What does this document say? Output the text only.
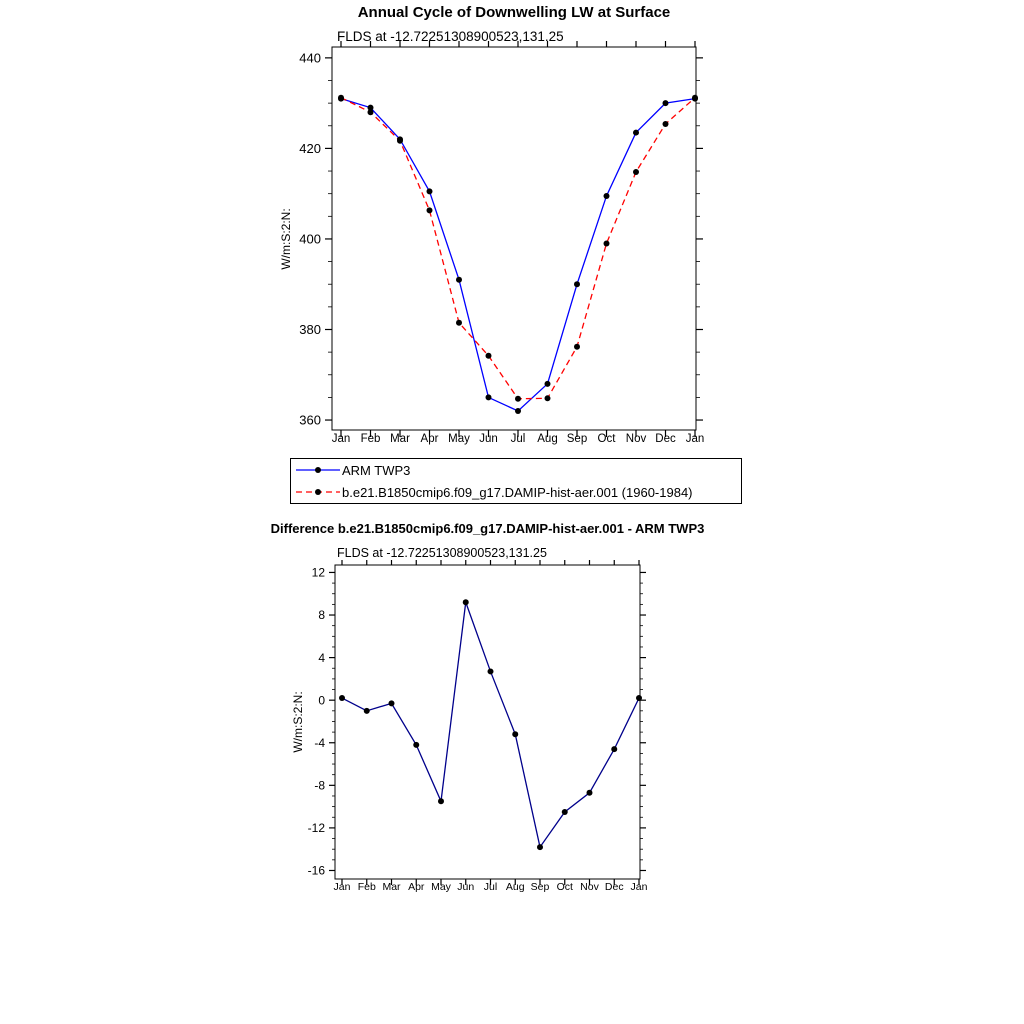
Annual Cycle of Downwelling LW at Surface
FLDS at -12.72251308900523,131.25
W/m:S:2:N:
360
380
400
420
440
Jan Feb Mar Apr May Jun Jul Aug Sep Oct Nov Dec Jan
-16
-12
-8
-4
0
4
8
12
Jan Feb Mar Apr May Jun Jul Aug Sep Oct Nov Dec Jan
ARM TWP3
b.e21.B1850cmip6.f09_g17.DAMIP-hist-aer.001 (1960-1984)
Difference b.e21.B1850cmip6.f09_g17.DAMIP-hist-aer.001 - ARM TWP3
FLDS at -12.72251308900523,131.25
W/m:S:2:N:
